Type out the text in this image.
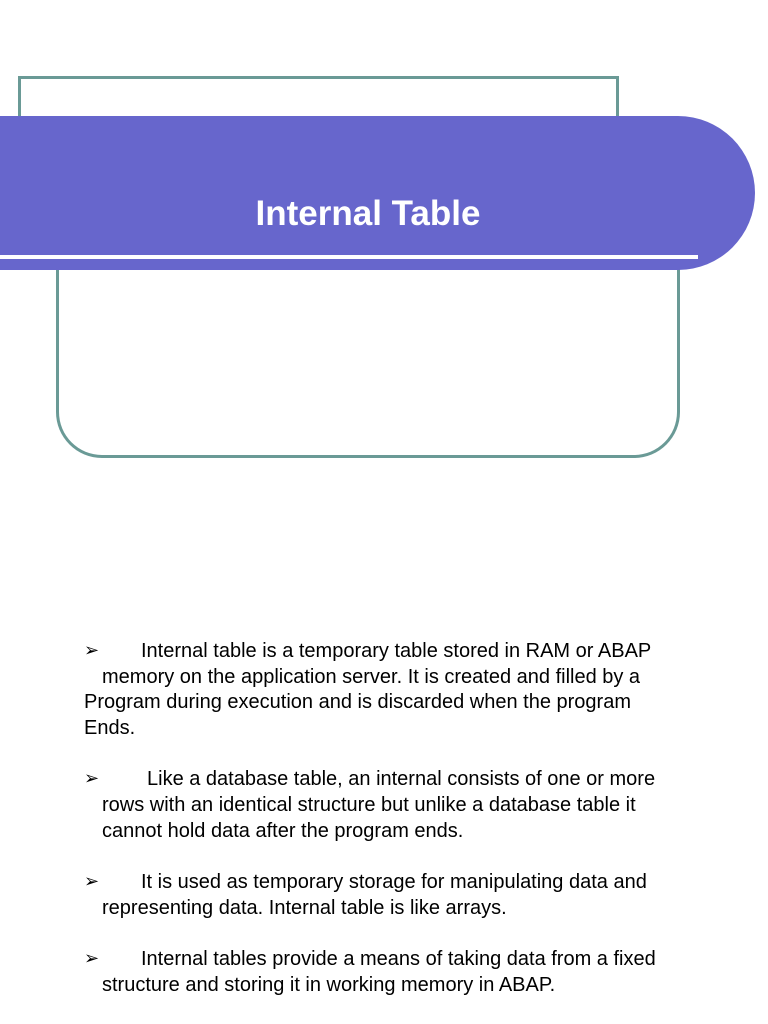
Internal Table
➢ Internal table is a temporary table stored in RAM or ABAP
memory on the application server. It is created and filled by a
Program during execution and is discarded when the program
Ends.
➢ Like a database table, an internal consists of one or more
rows with an identical structure but unlike a database table it
cannot hold data after the program ends.
➢ It is used as temporary storage for manipulating data and
representing data. Internal table is like arrays.
➢ Internal tables provide a means of taking data from a fixed
structure and storing it in working memory in ABAP.
